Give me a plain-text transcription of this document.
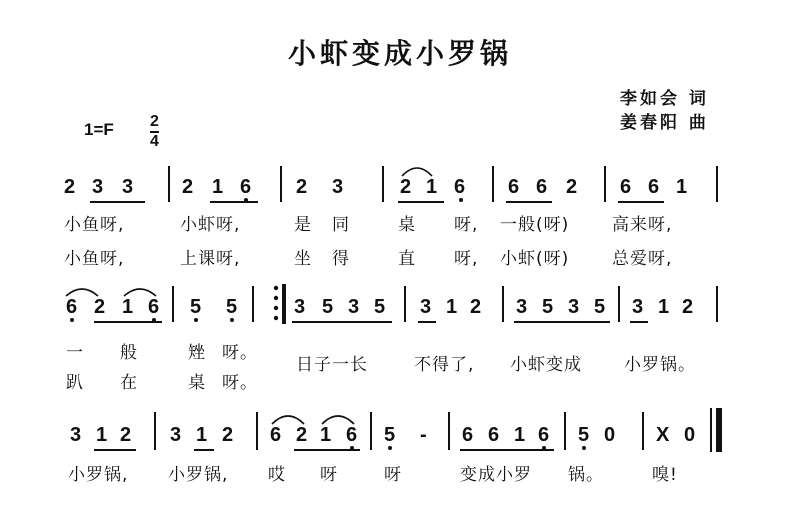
小虾变成小罗锅
李如会 词
姜春阳 曲
1=F 2
4
2 3 3 2 1 6 2 3	2 1 6 6 6 2 6 6 1
小鱼呀,	小虾呀,	是 同	桌 呀, 一般(呀)	高来呀,
小鱼呀,	上课呀,	坐 得	直 呀, 小虾(呀)	总爱呀,
6 2 1 6 5 5	3 5 3 5 3 1 2 3 5 3 5 3 1 2
一 般	矬 呀。
趴 在	桌 呀。
日子一长	不得了, 小虾变成 小罗锅。
3 1 2 3 1 2 6 2 1 6 5 - 6 6 1 6 5 0 X 0
小罗锅, 小罗锅, 哎 呀	呀	变成小罗 锅。	嗅!
